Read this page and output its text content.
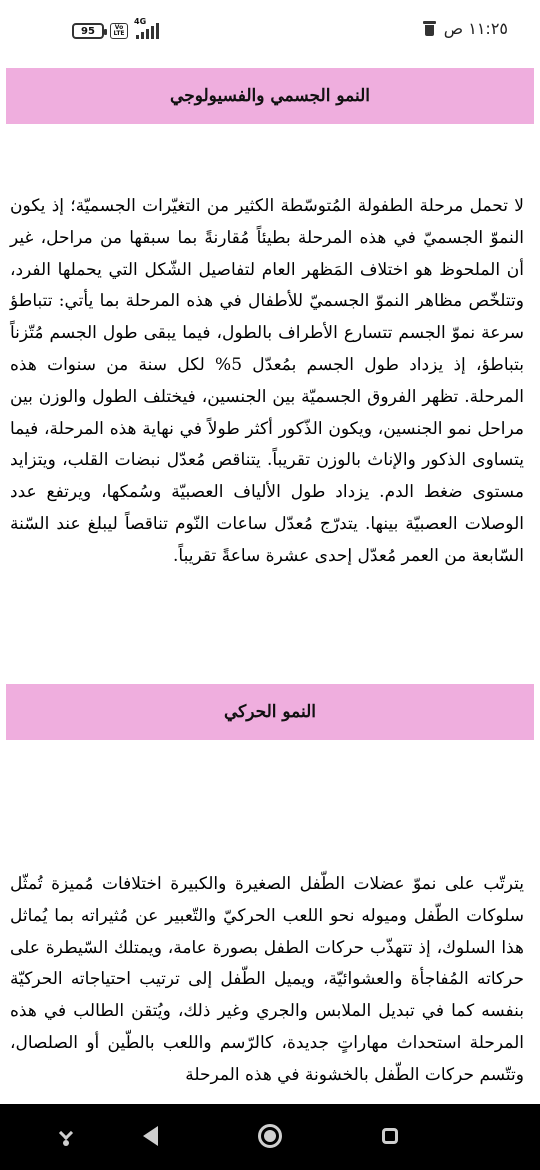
95	Vo LTE
4G	١١:٢٥ ص
النمو الجسمي والفسيولوجي

لا تحمل مرحلة الطفولة المُتوسّطة الكثير من التغيّرات الجسميّة؛ إذ يكون النموّ الجسميّ في هذه المرحلة بطيئاً مُقارنةً بما سبقها من مراحل، غير أن الملحوظ هو اختلاف المَظهر العام لتفاصيل الشّكل التي يحملها الفرد، وتتلخّص مظاهر النموّ الجسميّ للأطفال في هذه المرحلة بما يأتي: تتباطؤ سرعة نموّ الجسم تتسارع الأطراف بالطول، فيما يبقى طول الجسم مُتّزناً بتباطؤ، إذ يزداد طول الجسم بمُعدّل 5% لكل سنة من سنوات هذه المرحلة. تظهر الفروق الجسميّة بين الجنسين، فيختلف الطول والوزن بين مراحل نمو الجنسين، ويكون الذّكور أكثر طولاً في نهاية هذه المرحلة، فيما يتساوى الذكور والإناث بالوزن تقريباً. يتناقص مُعدّل نبضات القلب، ويتزايد مستوى ضغط الدم. يزداد طول الألياف العصبيّة وسُمكها، ويرتفع عدد الوصلات العصبيّة بينها. يتدرّج مُعدّل ساعات النّوم تناقصاً ليبلغ عند السّنة السّابعة من العمر مُعدّل إحدى عشرة ساعةً تقريباً.

النمو الحركي

يترتّب على نموّ عضلات الطّفل الصغيرة والكبيرة اختلافات مُميزة تُمثّل سلوكات الطّفل وميوله نحو اللعب الحركيّ والتّعبير عن مُثيراته بما يُماثل هذا السلوك، إذ تتهذّب حركات الطفل بصورة عامة، ويمتلك السّيطرة على حركاته المُفاجأة والعشوائيّة، ويميل الطّفل إلى ترتيب احتياجاته الحركيّة بنفسه كما في تبديل الملابس والجري وغير ذلك، ويُتقن الطالب في هذه المرحلة استحداث مهاراتٍ جديدة، كالرّسم واللعب بالطّين أو الصلصال، وتتّسم حركات الطّفل بالخشونة في هذه المرحلة
